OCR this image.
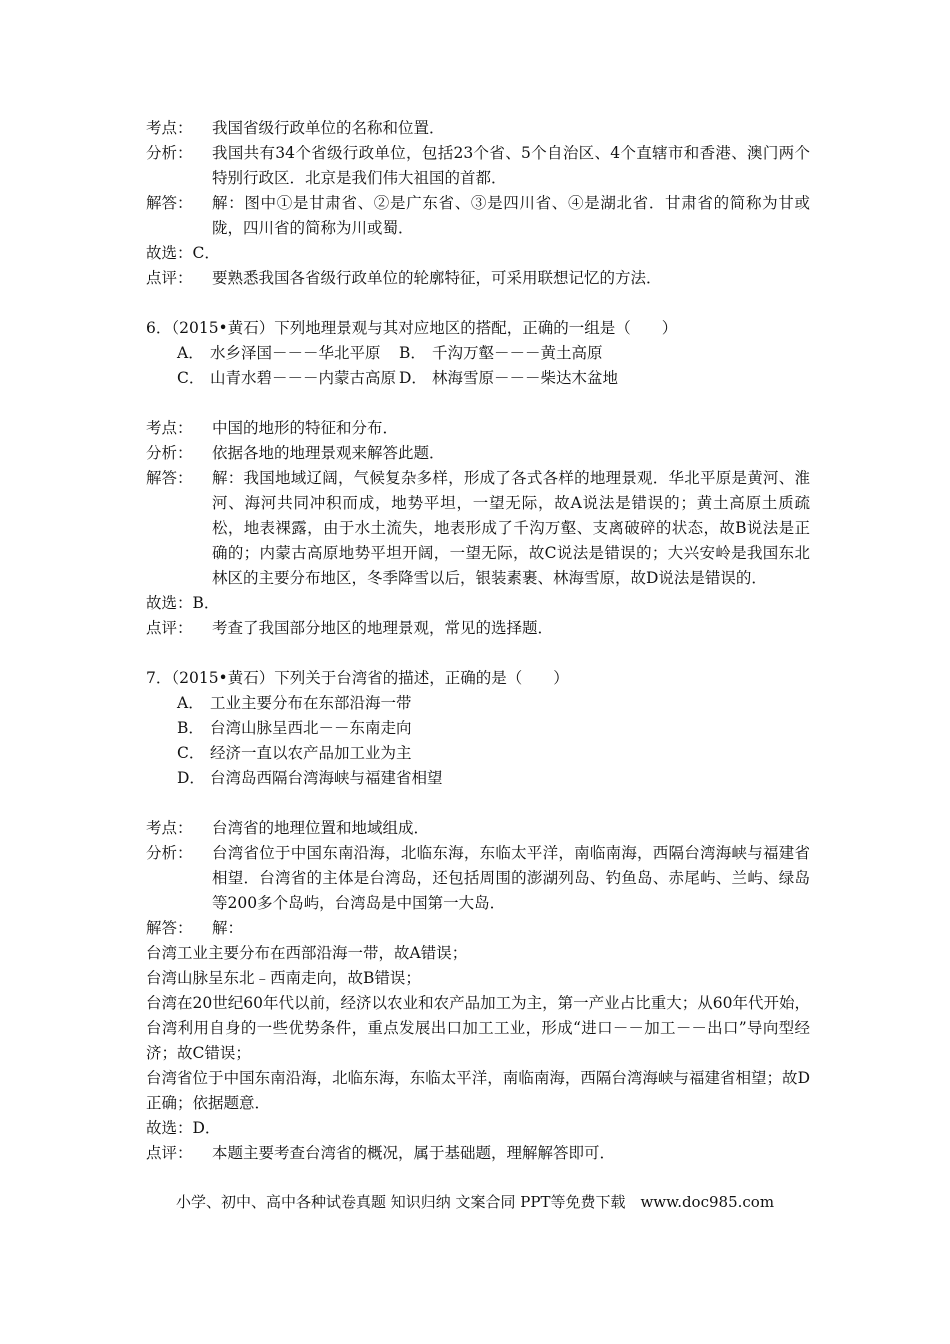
考点：	我国省级行政单位的名称和位置．
分析：	我国共有34个省级行政单位，包括23个省、5个自治区、4个直辖市和香港、澳门两个特别行政区．北京是我们伟大祖国的首都．
解答：	解：图中①是甘肃省、②是广东省、③是四川省、④是湖北省．甘肃省的简称为甘或陇，四川省的简称为川或蜀．
故选：C．
点评：	要熟悉我国各省级行政单位的轮廓特征，可采用联想记忆的方法．
6．（2015•黄石）下列地理景观与其对应地区的搭配，正确的一组是（　　）
A． 水乡泽国－－－华北平原	B． 千沟万壑－－－黄土高原
C． 山青水碧－－－内蒙古高原 D． 林海雪原－－－柴达木盆地
考点：	中国的地形的特征和分布．
分析：	依据各地的地理景观来解答此题．
解答：	解：我国地域辽阔，气候复杂多样，形成了各式各样的地理景观．华北平原是黄河、淮河、海河共同冲积而成，地势平坦，一望无际，故A说法是错误的；黄土高原土质疏松，地表裸露，由于水土流失，地表形成了千沟万壑、支离破碎的状态，故B说法是正确的；内蒙古高原地势平坦开阔，一望无际，故C说法是错误的；大兴安岭是我国东北林区的主要分布地区，冬季降雪以后，银装素裹、林海雪原，故D说法是错误的．
故选：B．
点评：	考查了我国部分地区的地理景观，常见的选择题．
7．（2015•黄石）下列关于台湾省的描述，正确的是（　　）
A． 工业主要分布在东部沿海一带
B． 台湾山脉呈西北－－东南走向
C． 经济一直以农产品加工业为主
D． 台湾岛西隔台湾海峡与福建省相望
考点：	台湾省的地理位置和地域组成．
分析：	台湾省位于中国东南沿海，北临东海，东临太平洋，南临南海，西隔台湾海峡与福建省相望．台湾省的主体是台湾岛，还包括周围的澎湖列岛、钓鱼岛、赤尾屿、兰屿、绿岛等200多个岛屿，台湾岛是中国第一大岛．
解答：	解：
台湾工业主要分布在西部沿海一带，故A错误；
台湾山脉呈东北﹣西南走向，故B错误；
台湾在20世纪60年代以前，经济以农业和农产品加工为主，第一产业占比重大；从60年代开始，台湾利用自身的一些优势条件，重点发展出口加工工业，形成“进口－－加工－－出口”导向型经济；故C错误；
台湾省位于中国东南沿海，北临东海，东临太平洋，南临南海，西隔台湾海峡与福建省相望；故D正确；依据题意．
故选：D．
点评：	本题主要考查台湾省的概况，属于基础题，理解解答即可．
小学、初中、高中各种试卷真题 知识归纳 文案合同 PPT等免费下载　www.doc985.com
